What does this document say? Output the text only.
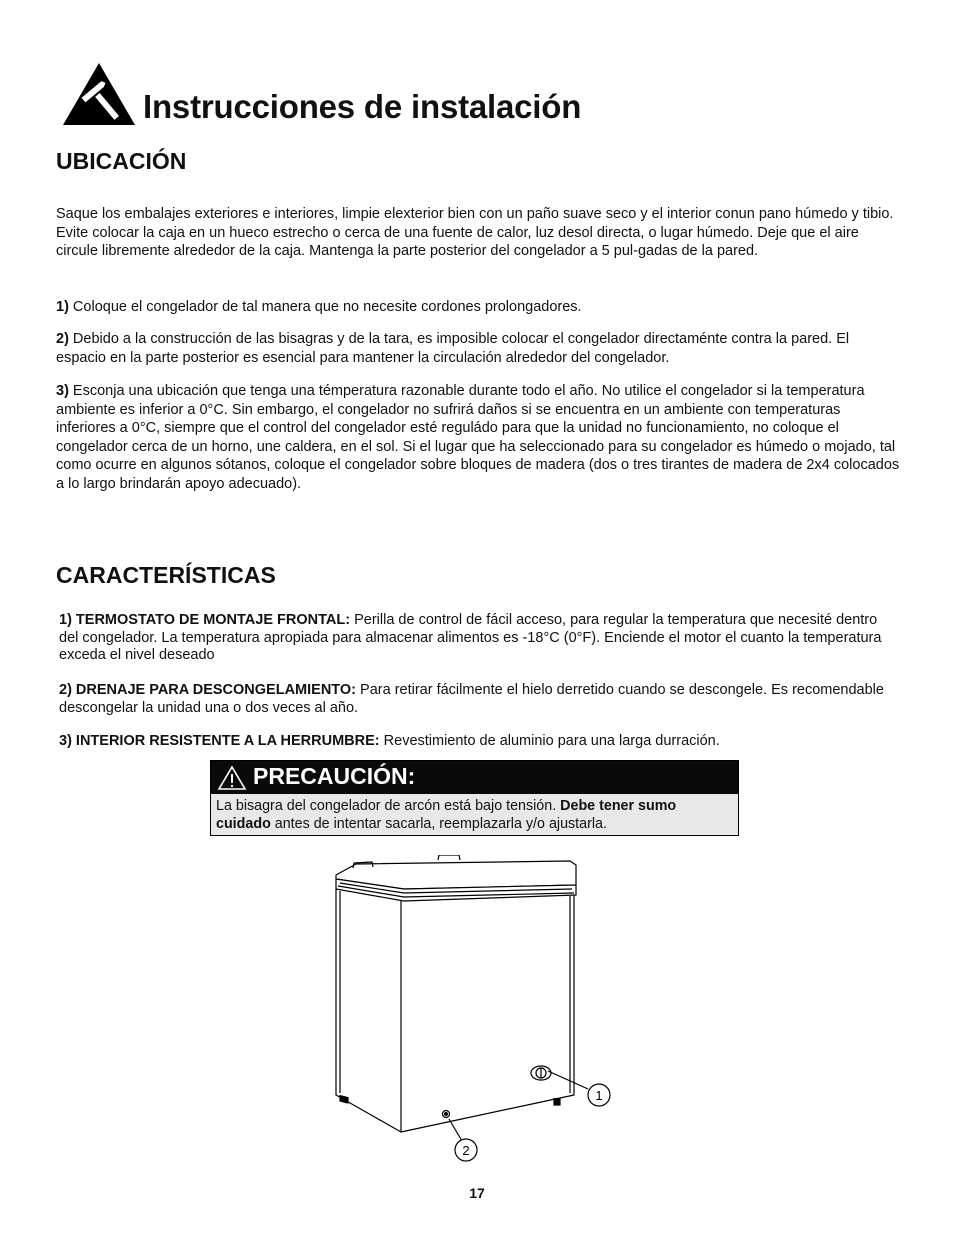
Instrucciones de instalación
UBICACIÓN

Saque los embalajes exteriores e interiores, limpie elexterior bien con un paño suave seco y el interior conun pano húmedo y tibio. Evite colocar la caja en un hueco estrecho o cerca de una fuente de calor, luz desol directa, o lugar húmedo. Deje que el aire circule libremente alrededor de la caja. Mantenga la parte posterior del congelador a 5 pul-gadas de la pared.

1) Coloque el congelador de tal manera que no necesite cordones prolongadores.

2) Debido a la construcción de las bisagras y de la tara, es imposible colocar el congelador directaménte contra la pared. El espacio en la parte posterior es esencial para mantener la circulación alrededor del congelador.

3) Esconja una ubicación que tenga una témperatura razonable durante todo el año. No utilice el congelador si la temperatura ambiente es inferior a 0°C. Sin embargo, el congelador no sufrirá daños si se encuentra en un ambiente con temperaturas inferiores a 0°C, siempre que el control del congelador esté reguládo para que la unidad no funcionamiento, no coloque el congelador cerca de un horno, une caldera, en el sol. Si el lugar que ha seleccionado para su congelador es húmedo o mojado, tal como ocurre en algunos sótanos, coloque el congelador sobre bloques de madera (dos o tres tirantes de madera de 2x4 colocados a lo largo brindarán apoyo adecuado).

CARACTERÍSTICAS

1) TERMOSTATO DE MONTAJE FRONTAL: Perilla de control de fácil acceso, para regular la temperatura que necesité dentro del congelador. La temperatura apropiada para almacenar alimentos es -18°C (0°F). Enciende el motor el cuanto la temperatura exceda el nivel deseado

2) DRENAJE PARA DESCONGELAMIENTO: Para retirar fácilmente el hielo derretido cuando se descongele. Es recomendable descongelar la unidad una o dos veces al año.

3) INTERIOR RESISTENTE A LA HERRUMBRE: Revestimiento de aluminio para una larga durración.

PRECAUCIÓN:
La bisagra del congelador de arcón está bajo tensión. Debe tener sumo cuidado antes de intentar sacarla, reemplazarla y/o ajustarla.
1
2
17
